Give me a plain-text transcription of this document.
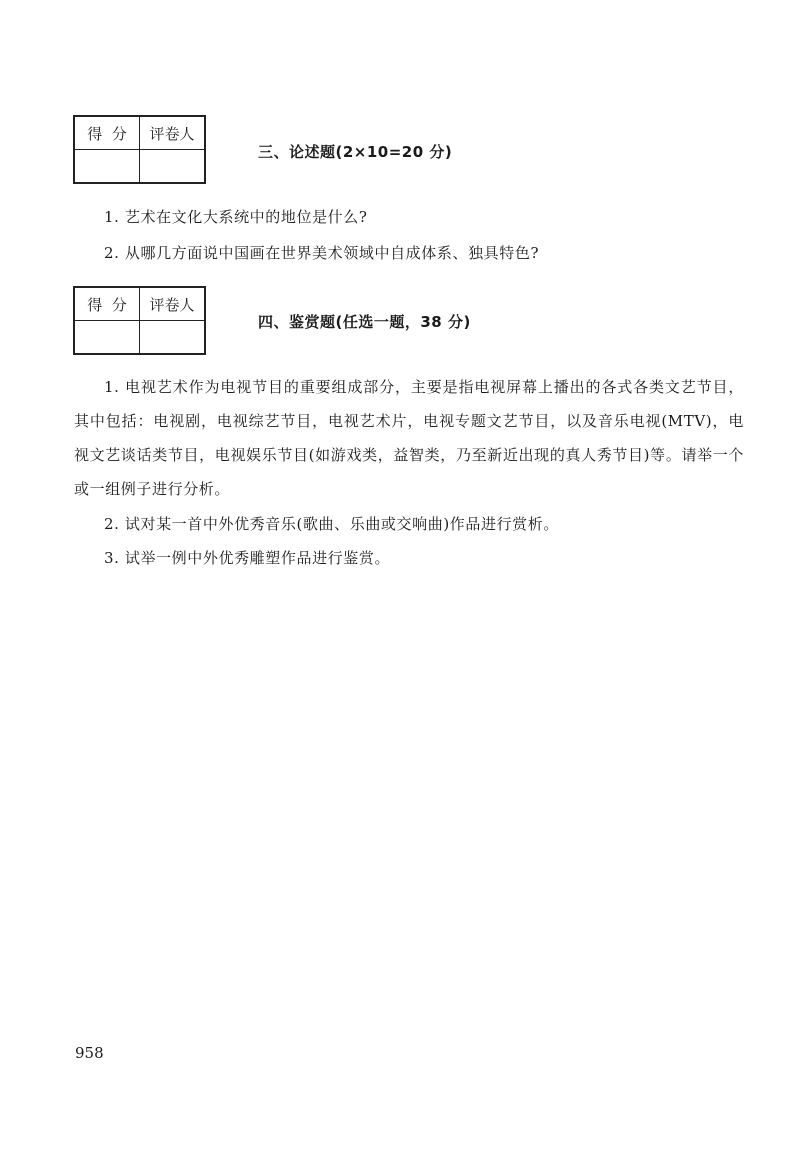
得  分	评卷人

三、论述题(2×10=20 分)
1. 艺术在文化大系统中的地位是什么?
2. 从哪几方面说中国画在世界美术领域中自成体系、独具特色?
得  分	评卷人

四、鉴赏题(任选一题，38 分)
1. 电视艺术作为电视节目的重要组成部分，主要是指电视屏幕上播出的各式各类文艺节目，其中包括：电视剧，电视综艺节目，电视艺术片，电视专题文艺节目，以及音乐电视(MTV)，电视文艺谈话类节目，电视娱乐节目(如游戏类，益智类，乃至新近出现的真人秀节目)等。请举一个或一组例子进行分析。
2. 试对某一首中外优秀音乐(歌曲、乐曲或交响曲)作品进行赏析。
3. 试举一例中外优秀雕塑作品进行鉴赏。
958
